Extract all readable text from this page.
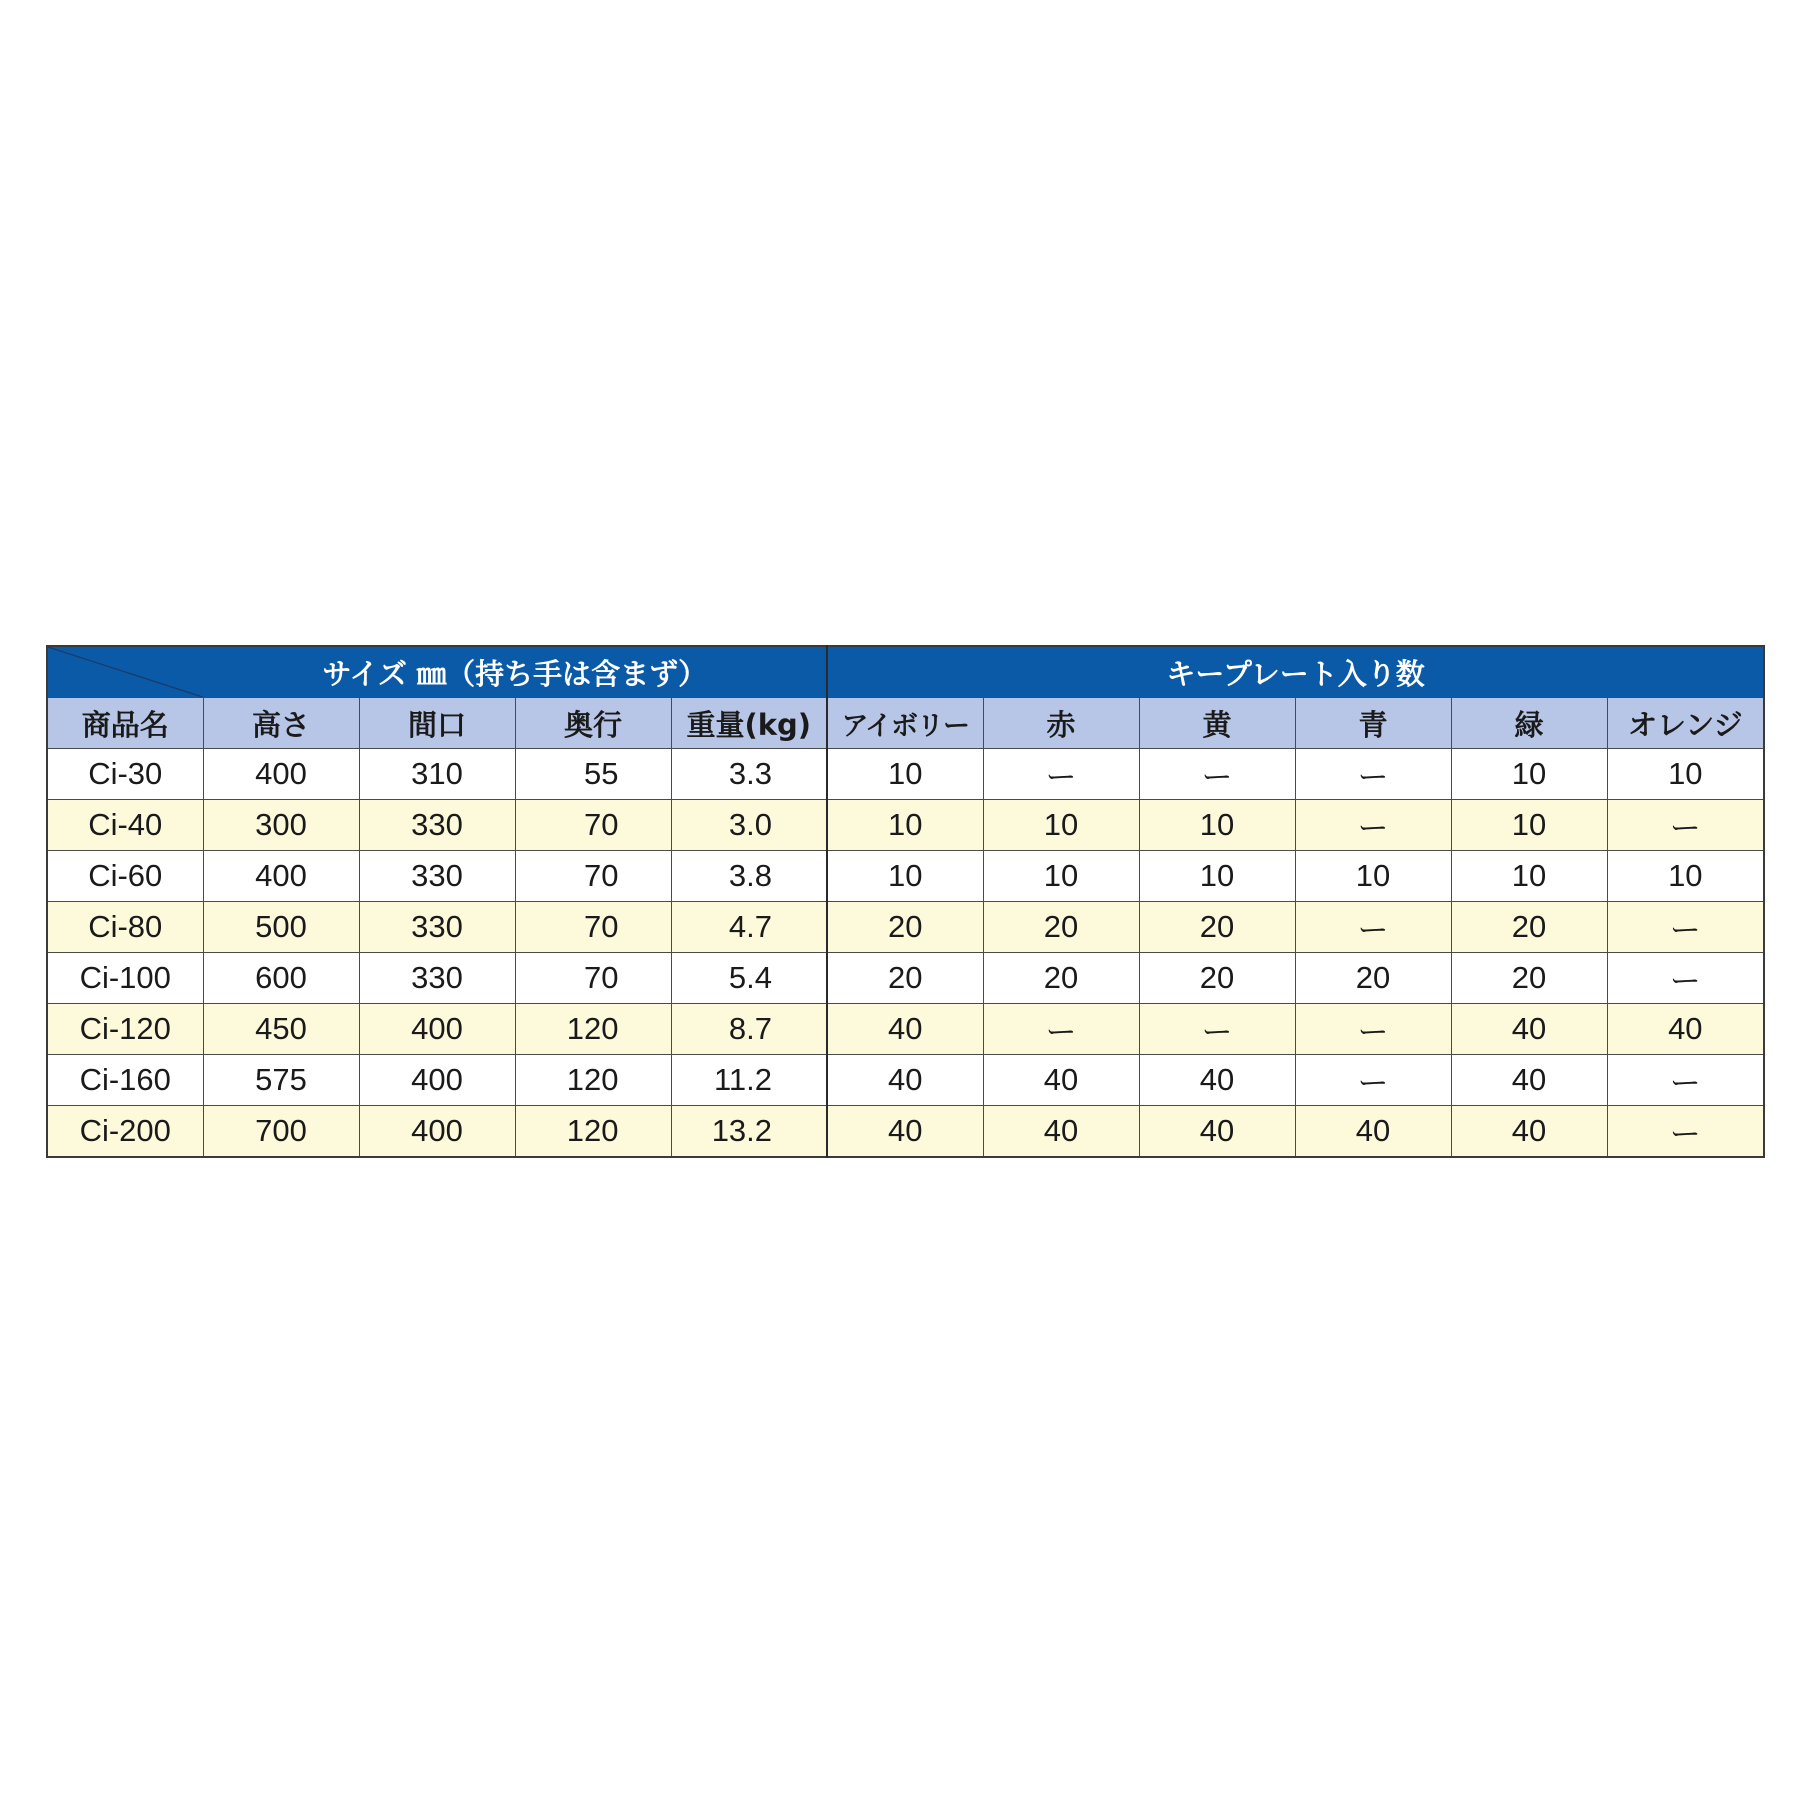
	サイズ ㎜（持ち手は含まず）				キープレート入り数					
商品名	高さ	間口	奥行	重量(kg)	アイボリー	赤	黄	青	緑	オレンジ
Ci-30	400	310	55	3.3	10	ー	ー	ー	10	10
Ci-40	300	330	70	3.0	10	10	10	ー	10	ー
Ci-60	400	330	70	3.8	10	10	10	10	10	10
Ci-80	500	330	70	4.7	20	20	20	ー	20	ー
Ci-100	600	330	70	5.4	20	20	20	20	20	ー
Ci-120	450	400	120	8.7	40	ー	ー	ー	40	40
Ci-160	575	400	120	11.2	40	40	40	ー	40	ー
Ci-200	700	400	120	13.2	40	40	40	40	40	ー
